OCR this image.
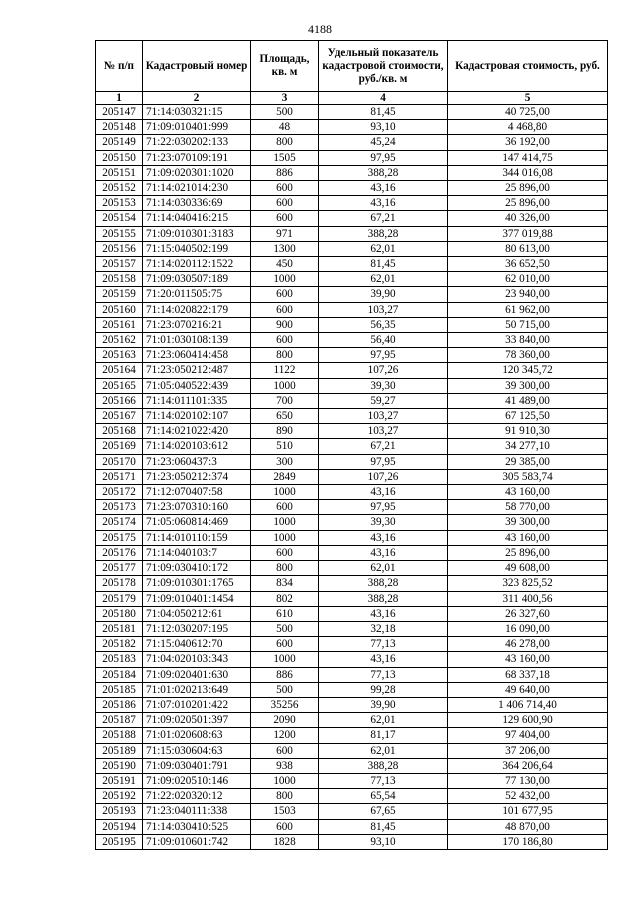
4188
№ п/п	Кадастровый номер	Площадь, кв. м	Удельный показатель кадастровой стоимости, руб./кв. м	Кадастровая стоимость, руб.
1	2	3	4	5
205147	71:14:030321:15	500	81,45	40 725,00
205148	71:09:010401:999	48	93,10	4 468,80
205149	71:22:030202:133	800	45,24	36 192,00
205150	71:23:070109:191	1505	97,95	147 414,75
205151	71:09:020301:1020	886	388,28	344 016,08
205152	71:14:021014:230	600	43,16	25 896,00
205153	71:14:030336:69	600	43,16	25 896,00
205154	71:14:040416:215	600	67,21	40 326,00
205155	71:09:010301:3183	971	388,28	377 019,88
205156	71:15:040502:199	1300	62,01	80 613,00
205157	71:14:020112:1522	450	81,45	36 652,50
205158	71:09:030507:189	1000	62,01	62 010,00
205159	71:20:011505:75	600	39,90	23 940,00
205160	71:14:020822:179	600	103,27	61 962,00
205161	71:23:070216:21	900	56,35	50 715,00
205162	71:01:030108:139	600	56,40	33 840,00
205163	71:23:060414:458	800	97,95	78 360,00
205164	71:23:050212:487	1122	107,26	120 345,72
205165	71:05:040522:439	1000	39,30	39 300,00
205166	71:14:011101:335	700	59,27	41 489,00
205167	71:14:020102:107	650	103,27	67 125,50
205168	71:14:021022:420	890	103,27	91 910,30
205169	71:14:020103:612	510	67,21	34 277,10
205170	71:23:060437:3	300	97,95	29 385,00
205171	71:23:050212:374	2849	107,26	305 583,74
205172	71:12:070407:58	1000	43,16	43 160,00
205173	71:23:070310:160	600	97,95	58 770,00
205174	71:05:060814:469	1000	39,30	39 300,00
205175	71:14:010110:159	1000	43,16	43 160,00
205176	71:14:040103:7	600	43,16	25 896,00
205177	71:09:030410:172	800	62,01	49 608,00
205178	71:09:010301:1765	834	388,28	323 825,52
205179	71:09:010401:1454	802	388,28	311 400,56
205180	71:04:050212:61	610	43,16	26 327,60
205181	71:12:030207:195	500	32,18	16 090,00
205182	71:15:040612:70	600	77,13	46 278,00
205183	71:04:020103:343	1000	43,16	43 160,00
205184	71:09:020401:630	886	77,13	68 337,18
205185	71:01:020213:649	500	99,28	49 640,00
205186	71:07:010201:422	35256	39,90	1 406 714,40
205187	71:09:020501:397	2090	62,01	129 600,90
205188	71:01:020608:63	1200	81,17	97 404,00
205189	71:15:030604:63	600	62,01	37 206,00
205190	71:09:030401:791	938	388,28	364 206,64
205191	71:09:020510:146	1000	77,13	77 130,00
205192	71:22:020320:12	800	65,54	52 432,00
205193	71:23:040111:338	1503	67,65	101 677,95
205194	71:14:030410:525	600	81,45	48 870,00
205195	71:09:010601:742	1828	93,10	170 186,80
